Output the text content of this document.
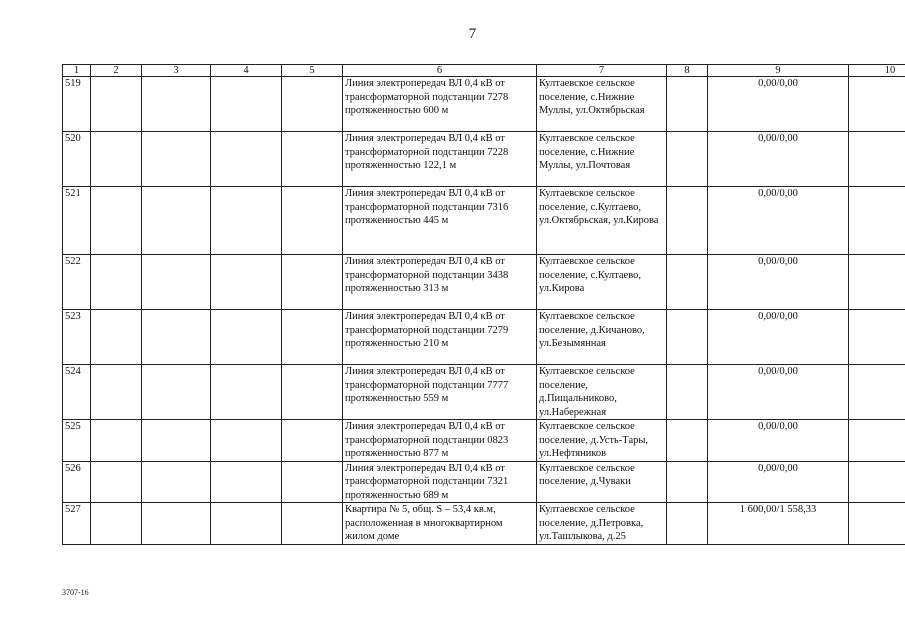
7
1	2	3	4	5	6	7	8	9	10
519					Линия электропередач ВЛ 0,4 кВ от трансформаторной подстанции 7278 протяженностью 600 м	Култаевское сельское поселение, с.Нижние Муллы, ул.Октябрьская		0,00/0,00	
520					Линия электропередач ВЛ 0,4 кВ от трансформаторной подстанции 7228 протяженностью 122,1 м	Култаевское сельское поселение, с.Нижние Муллы, ул.Почтовая		0,00/0,00	
521					Линия электропередач ВЛ 0,4 кВ от трансформаторной подстанции 7316 протяженностью 445 м	Култаевское сельское поселение, с.Култаево, ул.Октябрьская, ул.Кирова		0,00/0,00	
522					Линия электропередач ВЛ 0,4 кВ от трансформаторной подстанции 3438 протяженностью 313 м	Култаевское сельское поселение, с.Култаево, ул.Кирова		0,00/0,00	
523					Линия электропередач ВЛ 0,4 кВ от трансформаторной подстанции 7279 протяженностью 210 м	Култаевское сельское поселение, д.Кичаново, ул.Безымянная		0,00/0,00	
524					Линия электропередач ВЛ 0,4 кВ от трансформаторной подстанции 7777 протяженностью 559 м	Култаевское сельское поселение, д.Пищальниково, ул.Набережная		0,00/0,00	
525					Линия электропередач ВЛ 0,4 кВ от трансформаторной подстанции 0823 протяженностью 877 м	Култаевское сельское поселение, д.Усть-Тары, ул.Нефтяников		0,00/0,00	
526					Линия электропередач ВЛ 0,4 кВ от трансформаторной подстанции 7321 протяженностью 689 м	Култаевское сельское поселение, д.Чуваки		0,00/0,00	
527					Квартира № 5, общ. S – 53,4 кв.м, расположенная в многоквартирном жилом доме	Култаевское сельское поселение, д.Петровка, ул.Ташлыкова, д.25		1 600,00/1 558,33	
3707-16
